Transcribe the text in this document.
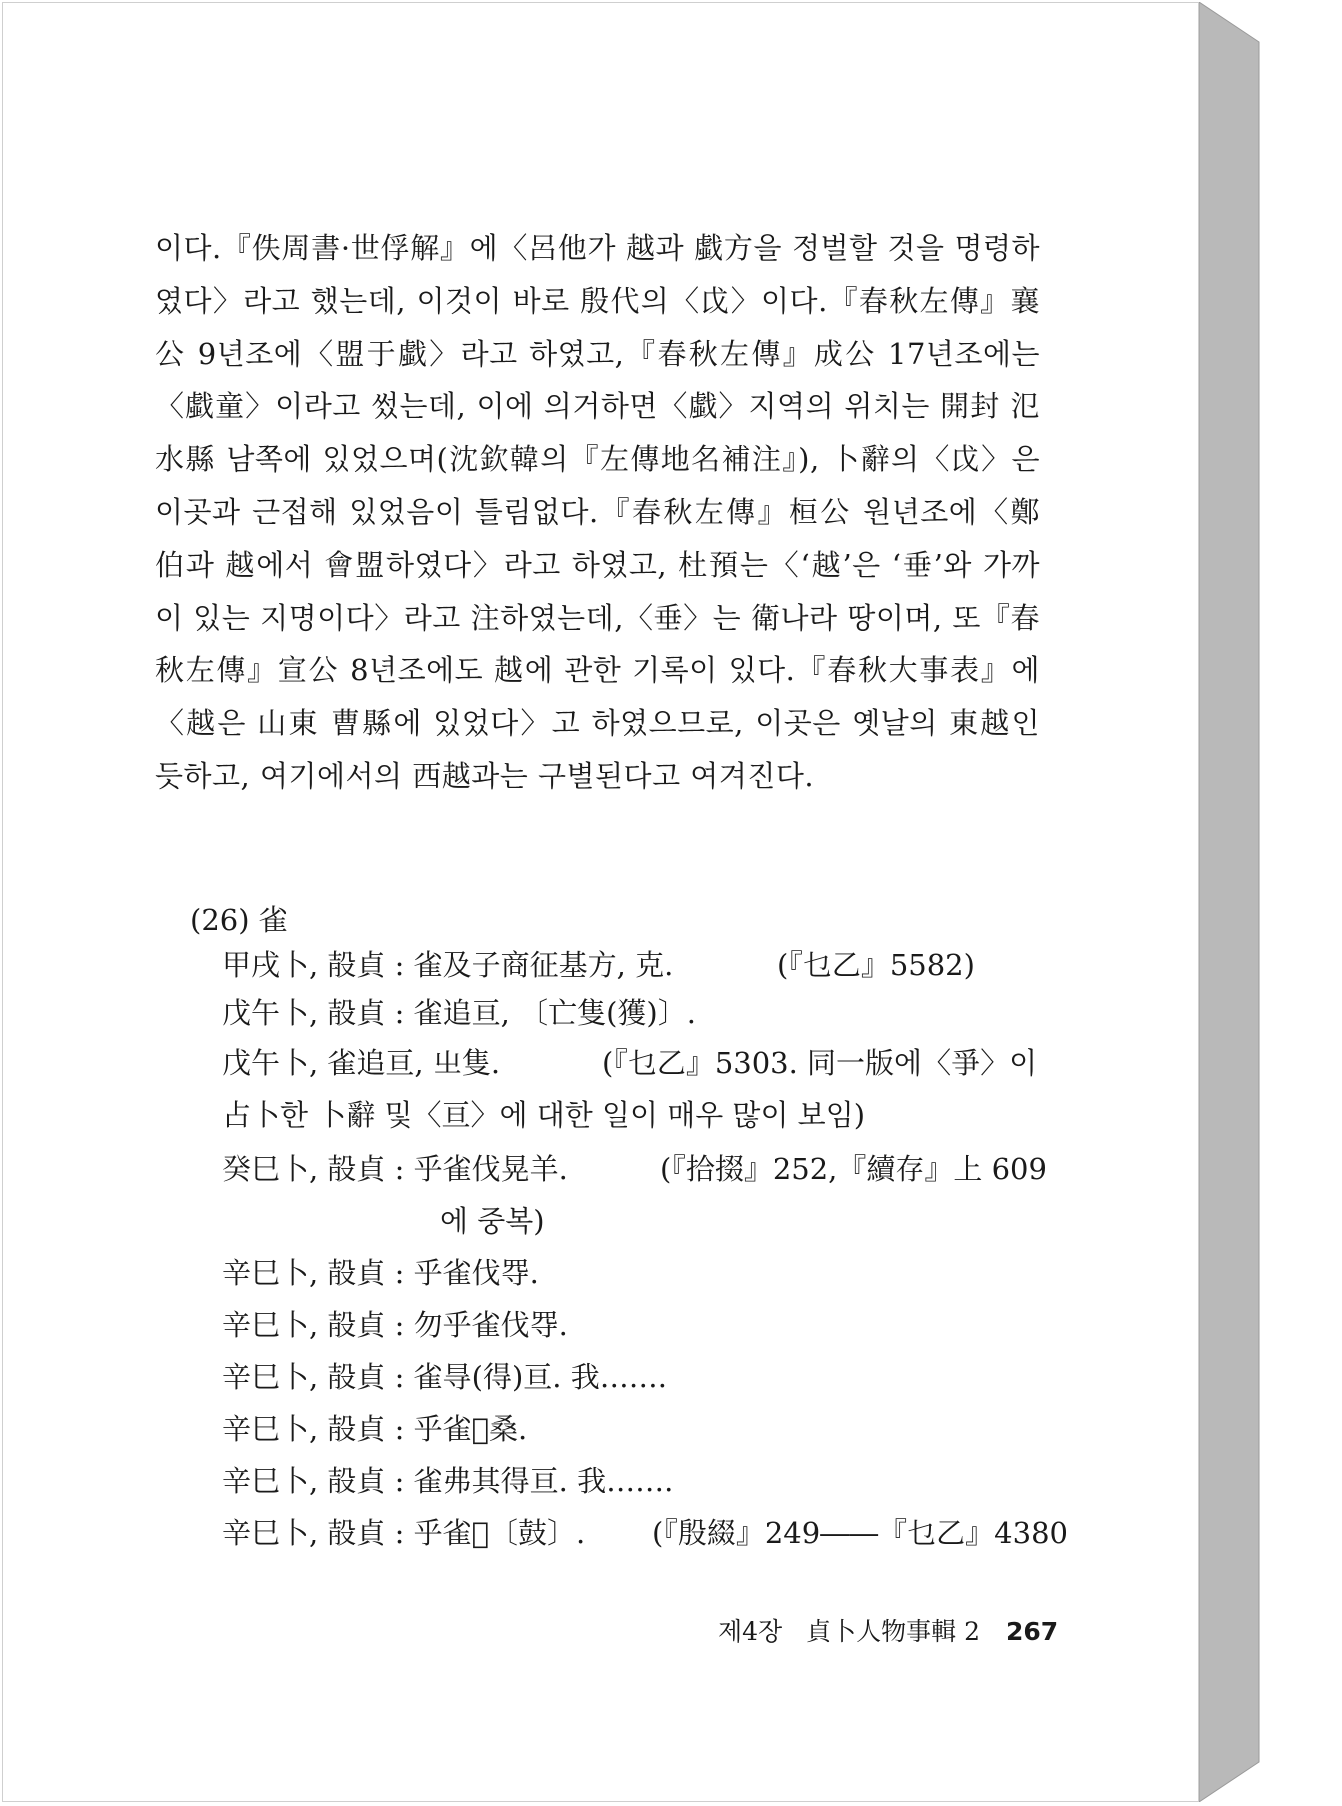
이다.『佚周書·世俘解』에〈呂他가 越과 戱方을 정벌할 것을 명령하였다〉라고 했는데, 이것이 바로 殷代의〈戉〉이다.『春秋左傳』襄公 9년조에〈盟于戱〉라고 하였고,『春秋左傳』成公 17년조에는〈戱童〉이라고 썼는데, 이에 의거하면〈戱〉지역의 위치는 開封 氾水縣 남쪽에 있었으며(沈欽韓의『左傳地名補注』), 卜辭의〈戉〉은 이곳과 근접해 있었음이 틀림없다.『春秋左傳』桓公 원년조에〈鄭伯과 越에서 會盟하였다〉라고 하였고, 杜預는〈‘越’은 ‘垂’와 가까이 있는 지명이다〉라고 注하였는데,〈垂〉는 衛나라 땅이며, 또『春秋左傳』宣公 8년조에도 越에 관한 기록이 있다.『春秋大事表』에〈越은 山東 曹縣에 있었다〉고 하였으므로, 이곳은 옛날의 東越인 듯하고, 여기에서의 西越과는 구별된다고 여겨진다.
(26) 雀
甲戌卜, 㱿貞 : 雀及子商征基方, 克.	(『乜乙』5582)
戊午卜, 㱿貞 : 雀追亘, 〔亡隻(獲)〕.
戊午卜, 雀追亘, 㞢隻.	(『乜乙』5303. 同一版에〈爭〉이
占卜한 卜辭 및〈亘〉에 대한 일이 매우 많이 보임)
癸巳卜, 㱿貞 : 乎雀伐晃羊.	(『拾掇』252,『續存』上 609
에 중복)
辛巳卜, 㱿貞 : 乎雀伐㝶.
辛巳卜, 㱿貞 : 勿乎雀伐㝶.
辛巳卜, 㱿貞 : 雀㝵(得)亘. 我…….
辛巳卜, 㱿貞 : 乎雀𦎫桑.
辛巳卜, 㱿貞 : 雀弗其得亘. 我…….
辛巳卜, 㱿貞 : 乎雀𦎫〔鼓〕. (『殷綴』249――『乜乙』4380
제4장 貞卜人物事輯 2 267
